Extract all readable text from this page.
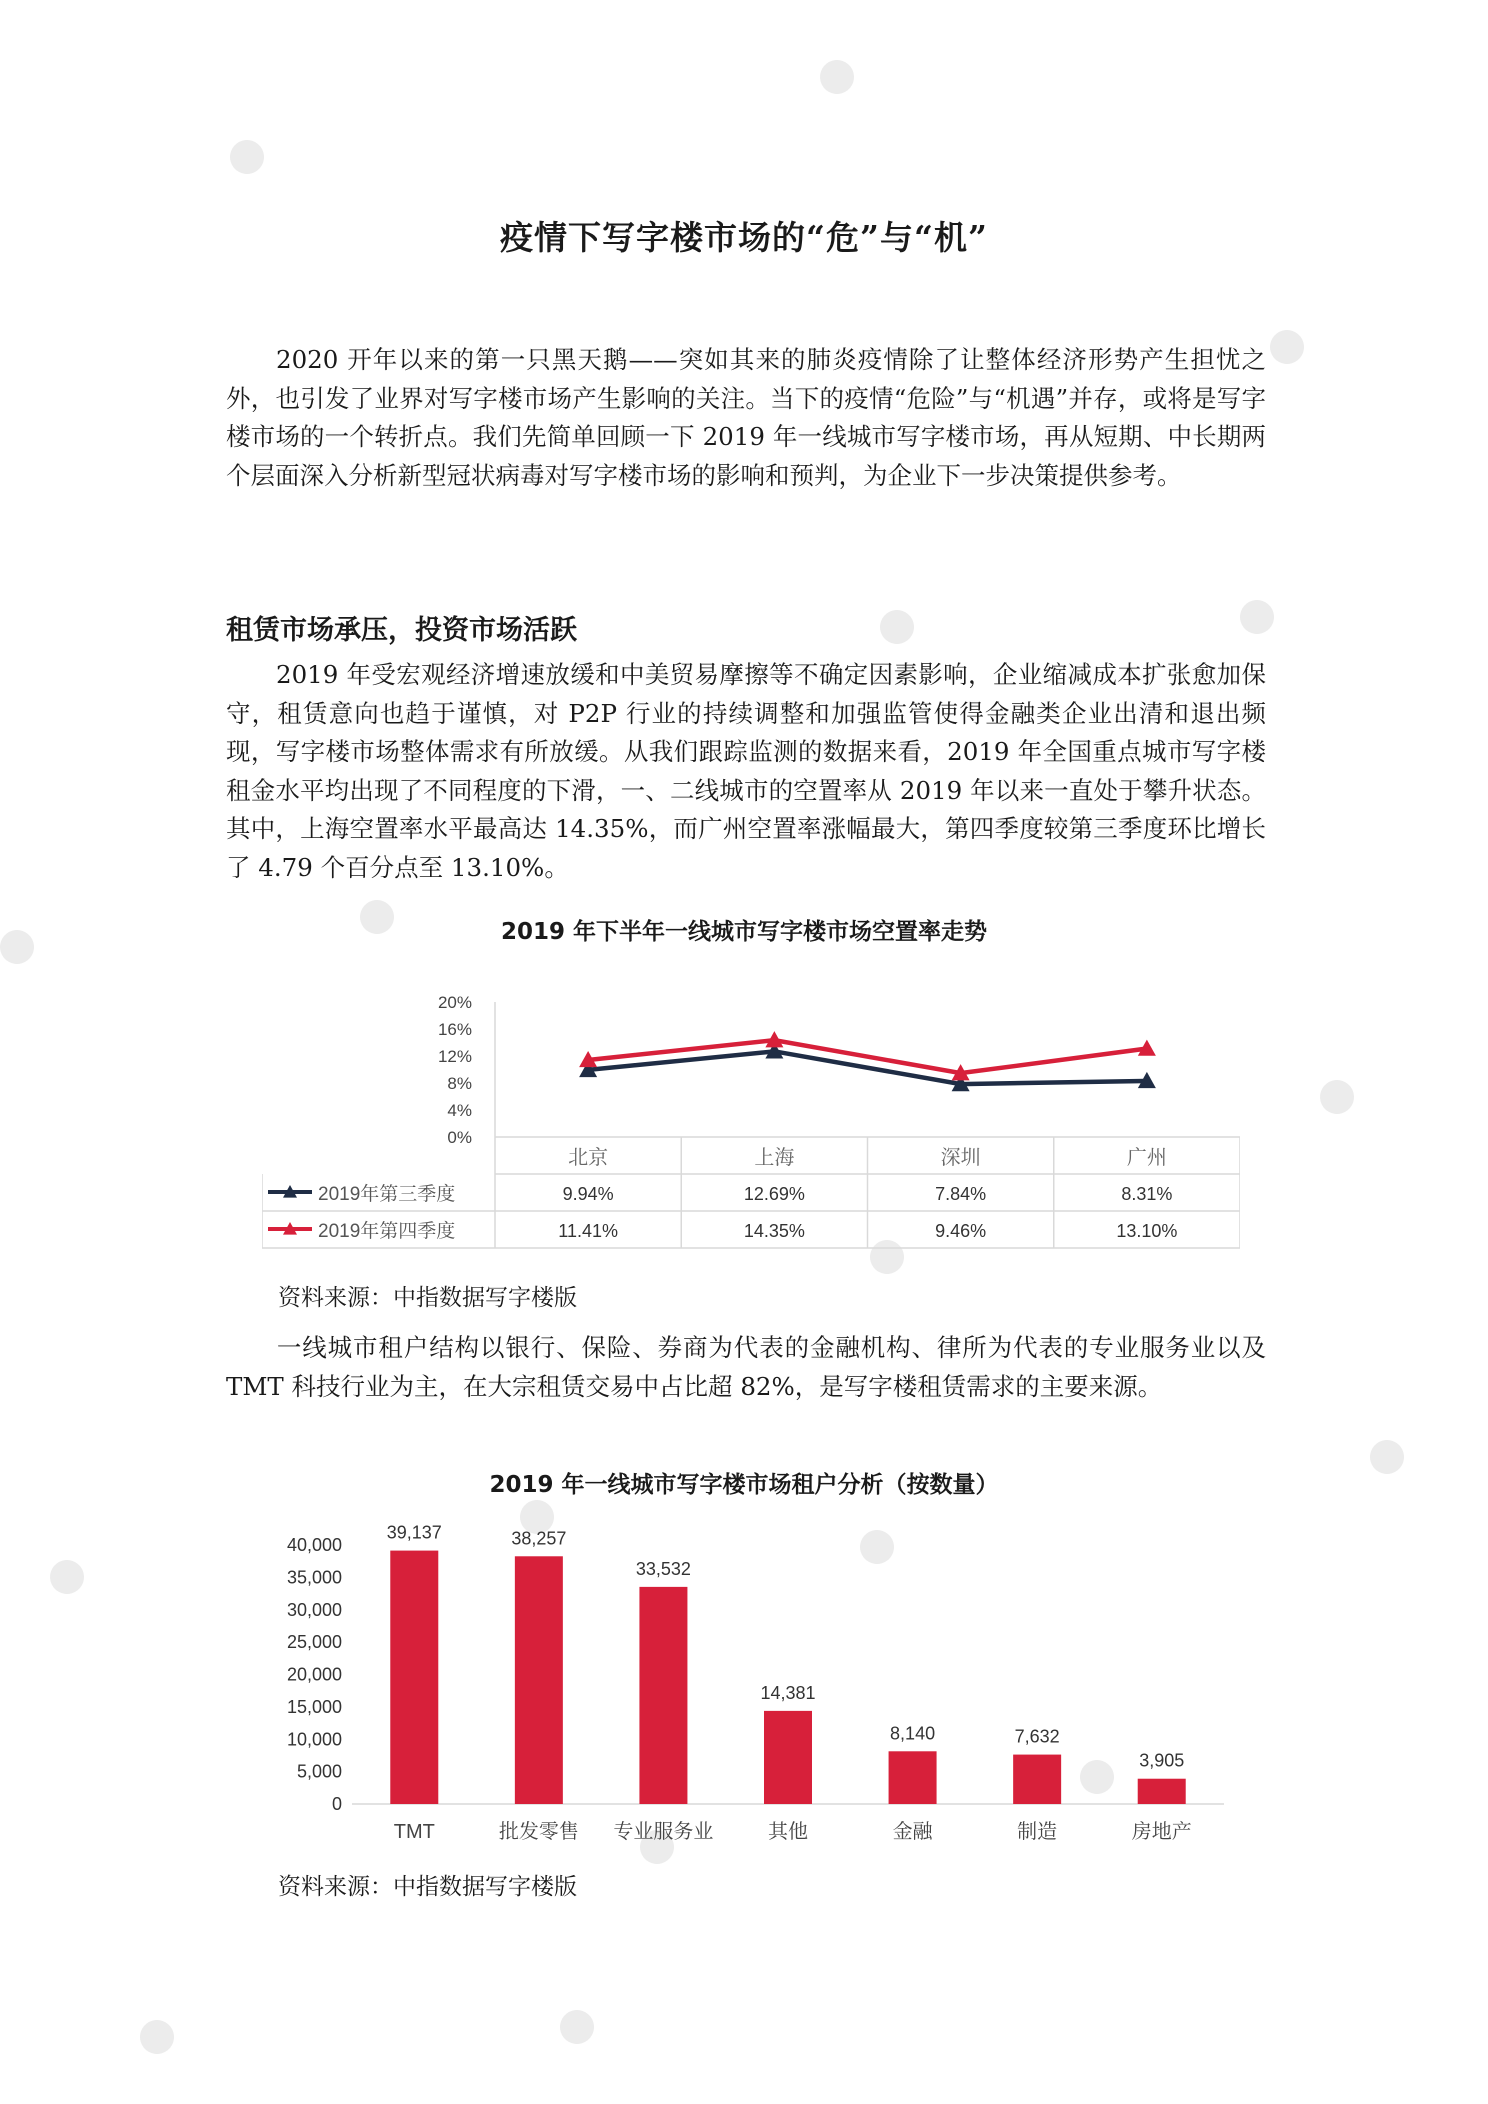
疫情下写字楼市场的“危”与“机”

2020 开年以来的第一只黑天鹅——突如其来的肺炎疫情除了让整体经济形势产生担忧之外，也引发了业界对写字楼市场产生影响的关注。当下的疫情“危险”与“机遇”并存，或将是写字楼市场的一个转折点。我们先简单回顾一下 2019 年一线城市写字楼市场，再从短期、中长期两个层面深入分析新型冠状病毒对写字楼市场的影响和预判，为企业下一步决策提供参考。

租赁市场承压，投资市场活跃

2019 年受宏观经济增速放缓和中美贸易摩擦等不确定因素影响，企业缩减成本扩张愈加保守，租赁意向也趋于谨慎，对 P2P 行业的持续调整和加强监管使得金融类企业出清和退出频现，写字楼市场整体需求有所放缓。从我们跟踪监测的数据来看，2019 年全国重点城市写字楼租金水平均出现了不同程度的下滑，一、二线城市的空置率从 2019 年以来一直处于攀升状态。其中，上海空置率水平最高达 14.35%，而广州空置率涨幅最大，第四季度较第三季度环比增长了 4.79 个百分点至 13.10%。

2019 年下半年一线城市写字楼市场空置率走势
20%
16%
12%
8%
4%
0%
北京	上海	深圳	广州
2019年第三季度	9.94%	12.69%	7.84%	8.31%
2019年第四季度	11.41%	14.35%	9.46%	13.10%
资料来源：中指数据写字楼版

一线城市租户结构以银行、保险、券商为代表的金融机构、律所为代表的专业服务业以及 TMT 科技行业为主，在大宗租赁交易中占比超 82%，是写字楼租赁需求的主要来源。

2019 年一线城市写字楼市场租户分析（按数量）
40,000
35,000
30,000
25,000
20,000
15,000
10,000
5,000
0
39,137
TMT
38,257
批发零售
33,532
专业服务业
14,381
其他
8,140
金融
7,632
制造
3,905
房地产
资料来源：中指数据写字楼版
